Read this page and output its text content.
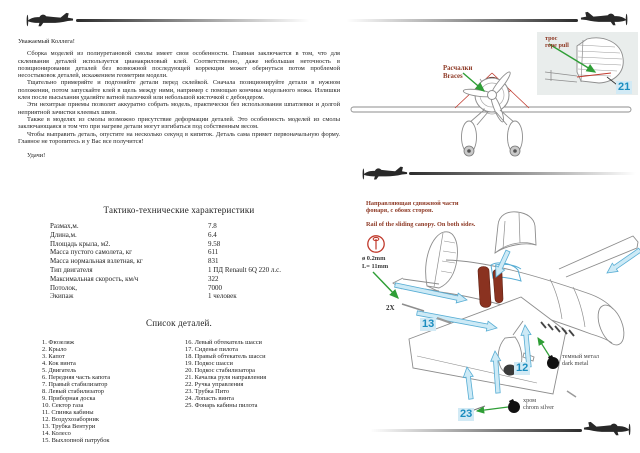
Уважаемый Коллега!

Сборка моделей из полиуретановой смолы имеет свои особенности. Главная заключается в том, что для склеивания деталей используется цианакриловый клей. Соответственно, даже небольшая неточность в позиционировании деталей без возможной последующей коррекции может обернуться потом проблемой несостыковок деталей, искажением геометрии модели.

Тщательно примеряйте и подгоняйте детали перед склейкой. Сначала позиционируйте детали в нужном положении, потом запускайте клей в щель между ними, например с помощью кончика модельного ножа. Излишки клея после высыхания удаляйте ватной палочкой или небольшой кисточкой с дебондером.

Эти нехитрые приемы позволят аккуратно собрать модель, практически без использования шпатлевки и долгой неприятной зачистки клеевых швов.

Также в моделях из смолы возможно присутствие деформации деталей. Это особенность моделей из смолы заключающаяся в том что при нагреве детали могут изгибаться под собственным весом.

Чтобы выправить деталь, опустите на несколько секунд в кипяток. Деталь сама примет первоначальную форму. Главное не торопитесь и у Вас все получится!

Удачи!

Тактико-технические характеристики
Размах,м.	7.8
Длина,м.	6.4
Площадь крыла, м2.	9.58
Масса пустого самолета, кг	611
Масса нормальная взлетная, кг	831
Тип двигателя	1 ПД Renault 6Q 220 л.с.
Максимальная скорость, км/ч	322
Потолок,	7000
Экипаж	1 человек
Список деталей.
1. Фюзеляж
2. Крыло
3. Капот
4. Кок винта
5. Двигатель
6. Передняя часть капота
7. Правый стабилизатор
8. Левый стабилизатор
9. Приборная доска
10. Сектор газа
11. Спинка кабины
12. Воздухозаборник
13. Трубка Вентури
14. Колесо
15. Выхлопной патрубок
16. Левый обтекатель шасси
17. Сиденье пилота
18. Правый обтекатель шасси
19. Подкос шасси
20. Подкос стабилизатора
21. Качалка руля направления
22. Ручка управления
23. Трубка Пито
24. Лопасть винта
25. Фонарь кабины пилота
Расчалки
Braces
трос
rope pull
21
Направляющая сдвижной части фонаря, с обоих сторон.
Rail of the sliding canopy. On both sides.
ø 0.2mm
L= 11mm
2X
13
12
23
темный метал
dark metal
хром
chrom silver
